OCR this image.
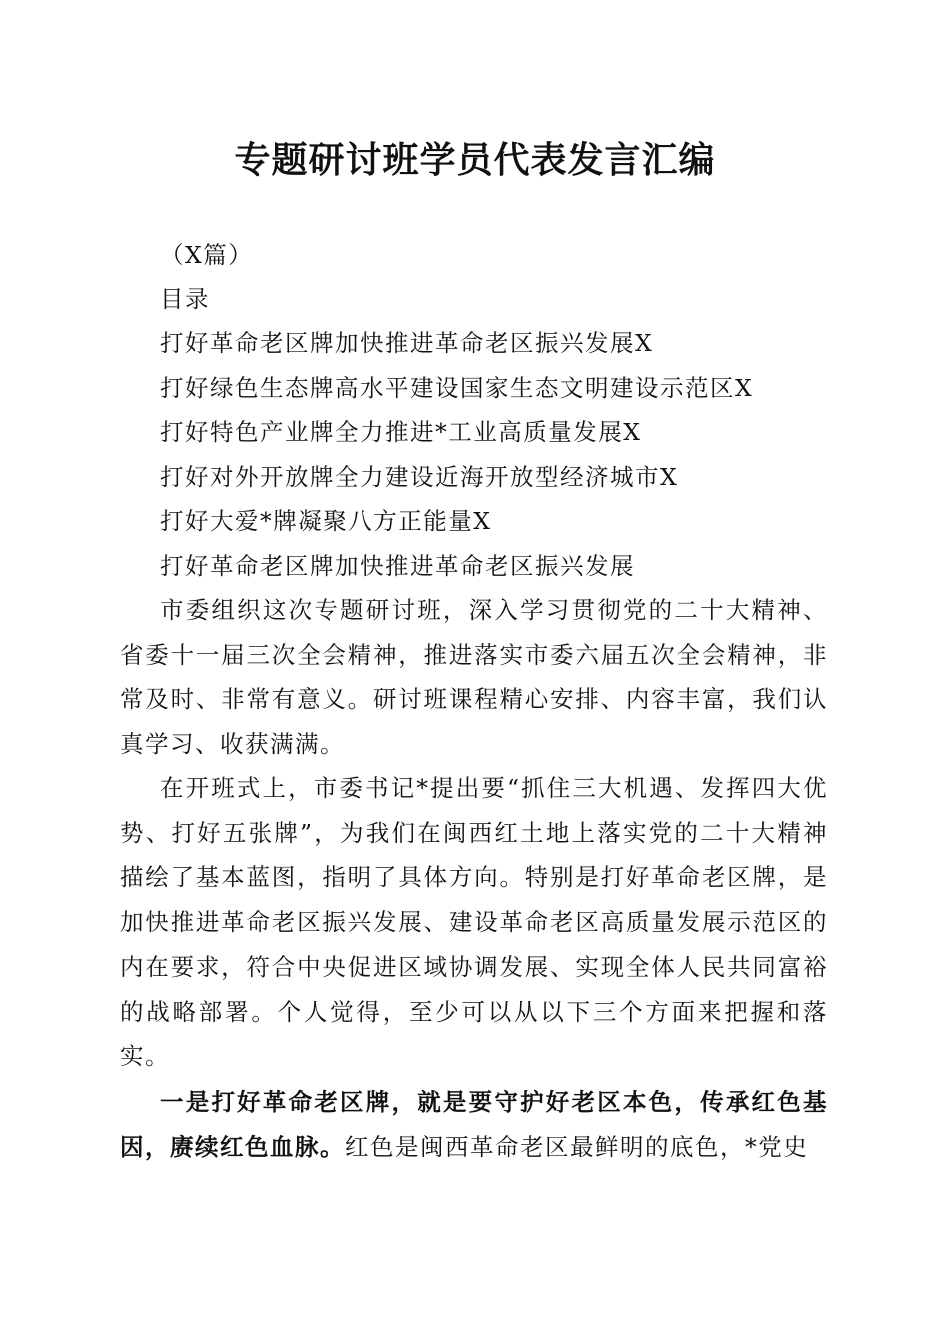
专题研讨班学员代表发言汇编
（X篇）
目录
打好革命老区牌加快推进革命老区振兴发展X
打好绿色生态牌高水平建设国家生态文明建设示范区X
打好特色产业牌全力推进*工业高质量发展X
打好对外开放牌全力建设近海开放型经济城市X
打好大爱*牌凝聚八方正能量X
打好革命老区牌加快推进革命老区振兴发展
市委组织这次专题研讨班，深入学习贯彻党的二十大精神、省委十一届三次全会精神，推进落实市委六届五次全会精神，非常及时、非常有意义。研讨班课程精心安排、内容丰富，我们认真学习、收获满满。
在开班式上，市委书记*提出要“抓住三大机遇、发挥四大优势、打好五张牌”，为我们在闽西红土地上落实党的二十大精神描绘了基本蓝图，指明了具体方向。特别是打好革命老区牌，是加快推进革命老区振兴发展、建设革命老区高质量发展示范区的内在要求，符合中央促进区域协调发展、实现全体人民共同富裕的战略部署。个人觉得，至少可以从以下三个方面来把握和落实。
一是打好革命老区牌，就是要守护好老区本色，传承红色基因，赓续红色血脉。红色是闽西革命老区最鲜明的底色，*党史
